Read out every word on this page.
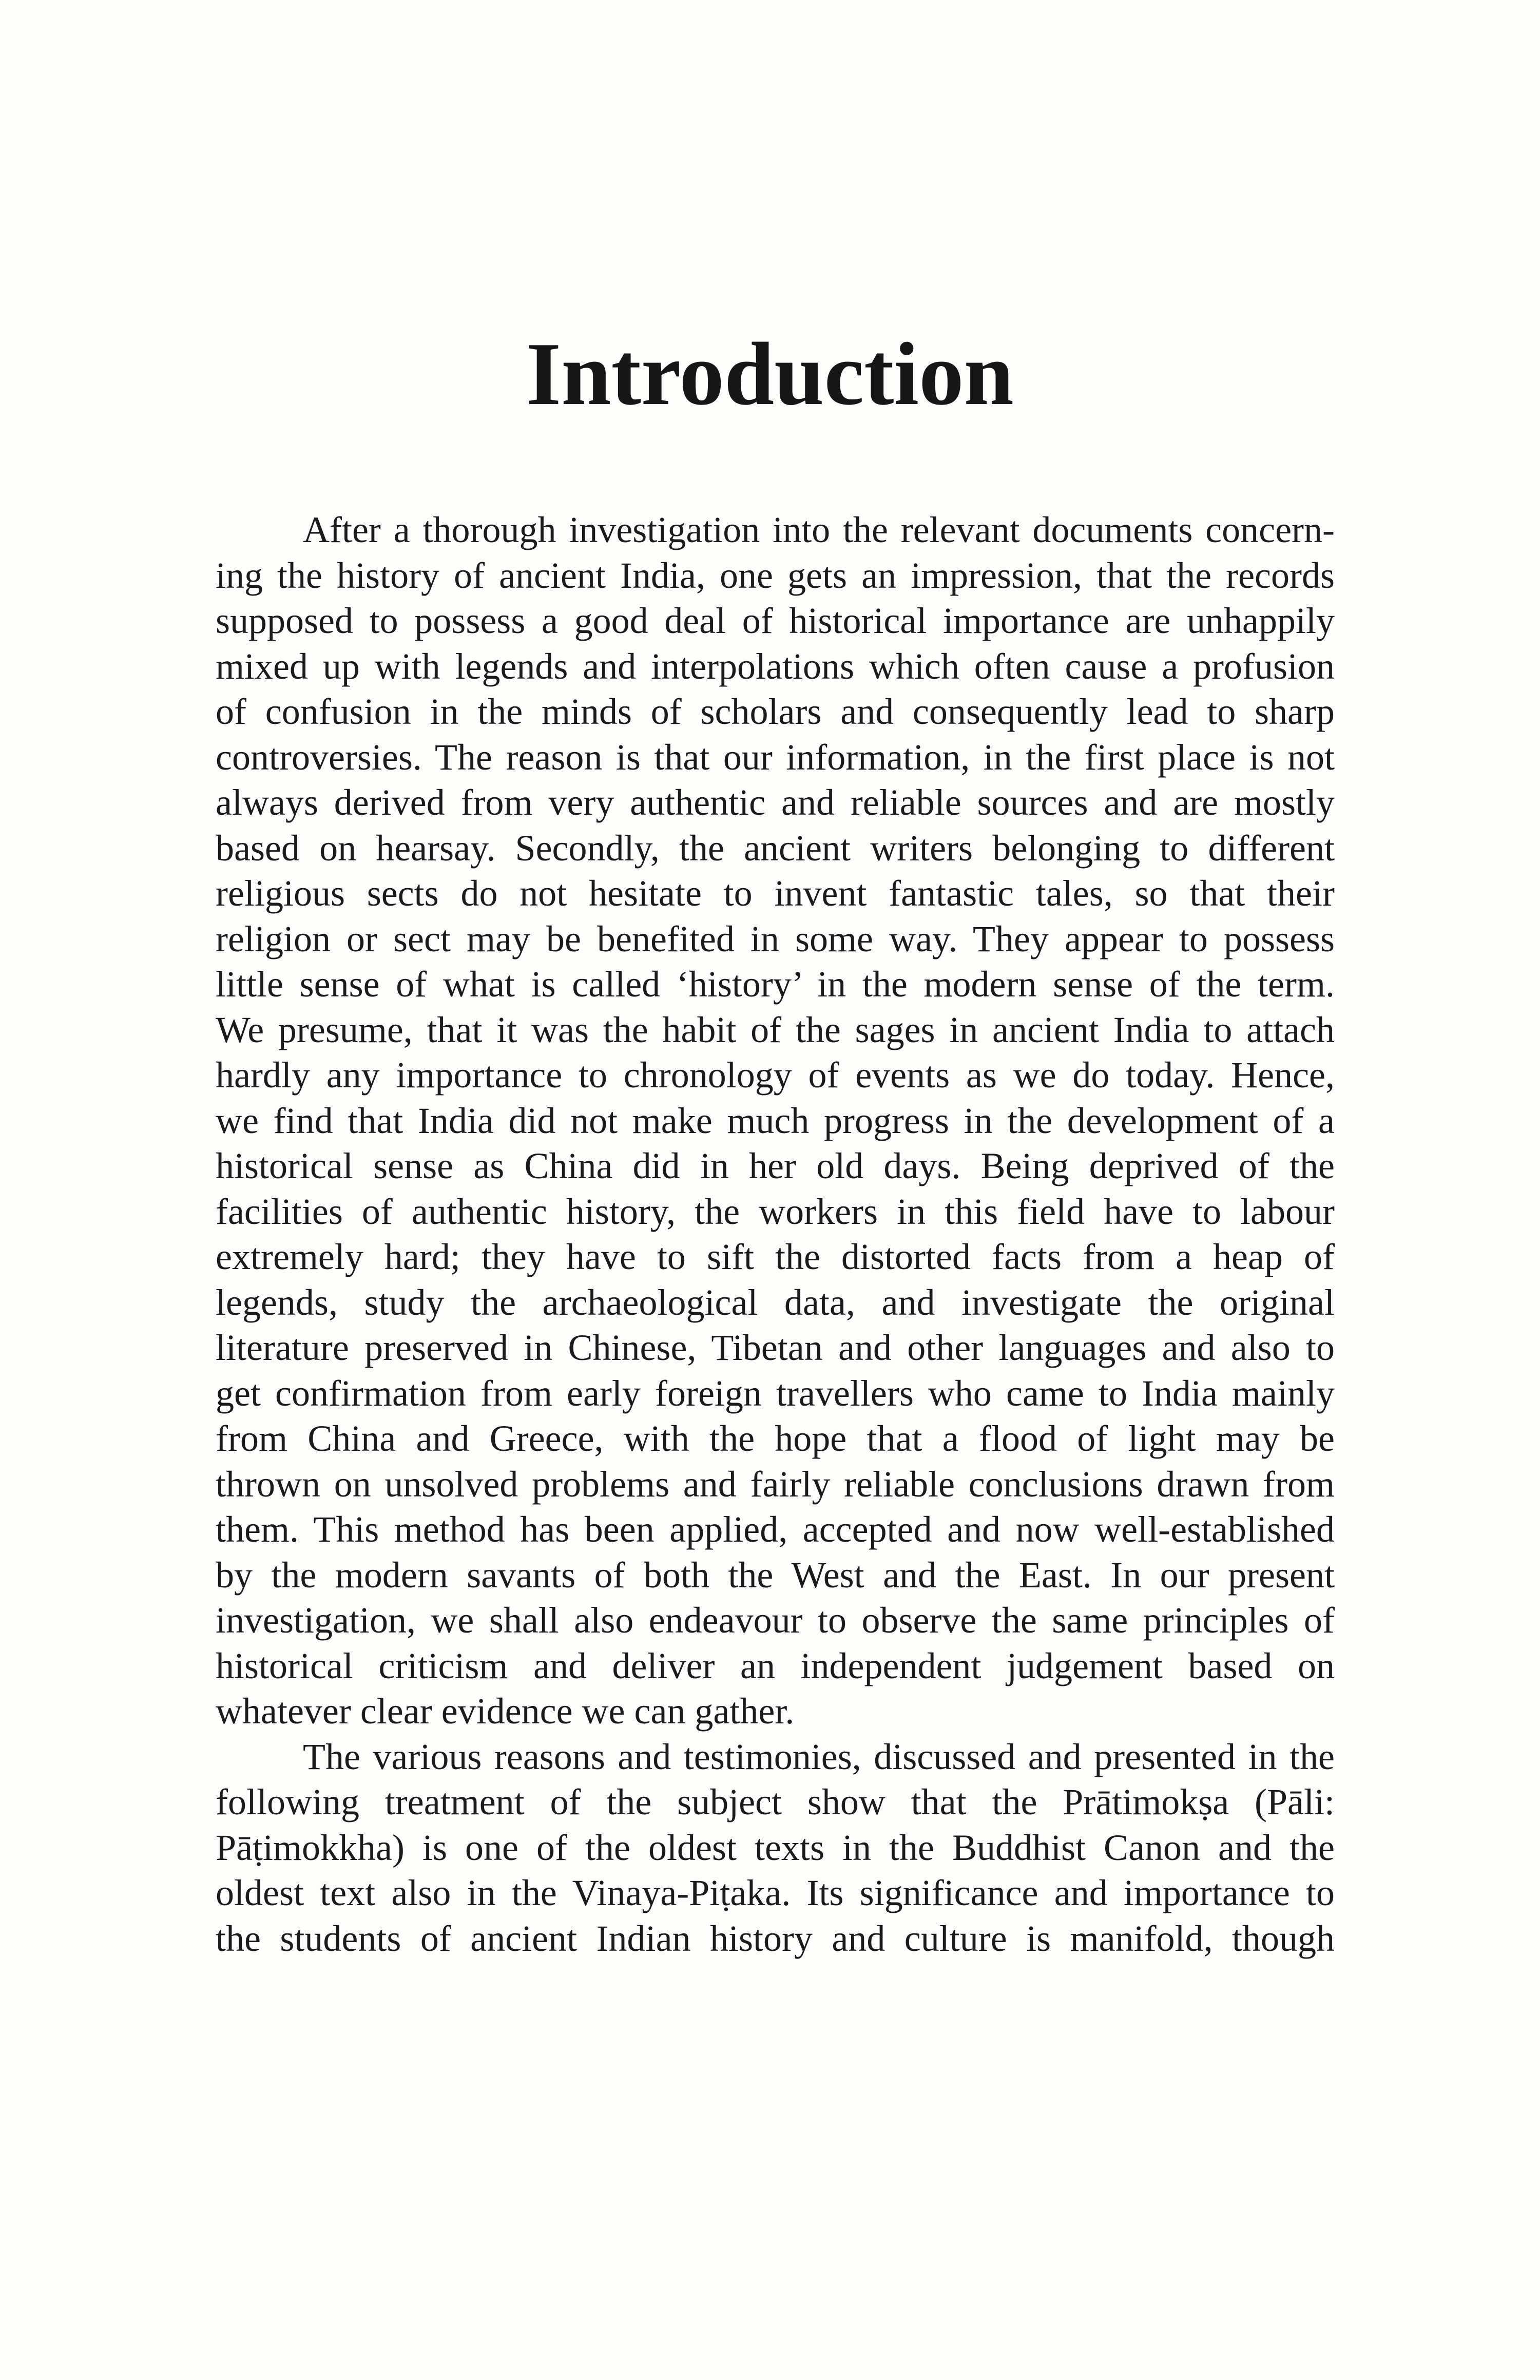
Introduction
After a thorough investigation into the relevant documents concern-
ing the history of ancient India, one gets an impression, that the records
supposed to possess a good deal of historical importance are unhappily
mixed up with legends and interpolations which often cause a profusion
of confusion in the minds of scholars and consequently lead to sharp
controversies. The reason is that our information, in the first place is not
always derived from very authentic and reliable sources and are mostly
based on hearsay. Secondly, the ancient writers belonging to different
religious sects do not hesitate to invent fantastic tales, so that their
religion or sect may be benefited in some way. They appear to possess
little sense of what is called ‘history’ in the modern sense of the term.
We presume, that it was the habit of the sages in ancient India to attach
hardly any importance to chronology of events as we do today. Hence,
we find that India did not make much progress in the development of a
historical sense as China did in her old days. Being deprived of the
facilities of authentic history, the workers in this field have to labour
extremely hard; they have to sift the distorted facts from a heap of
legends, study the archaeological data, and investigate the original
literature preserved in Chinese, Tibetan and other languages and also to
get confirmation from early foreign travellers who came to India mainly
from China and Greece, with the hope that a flood of light may be
thrown on unsolved problems and fairly reliable conclusions drawn from
them. This method has been applied, accepted and now well-established
by the modern savants of both the West and the East. In our present
investigation, we shall also endeavour to observe the same principles of
historical criticism and deliver an independent judgement based on
whatever clear evidence we can gather.
The various reasons and testimonies, discussed and presented in the
following treatment of the subject show that the Prātimokṣa (Pāli:
Pāṭimokkha) is one of the oldest texts in the Buddhist Canon and the
oldest text also in the Vinaya-Piṭaka. Its significance and importance to
the students of ancient Indian history and culture is manifold, though
